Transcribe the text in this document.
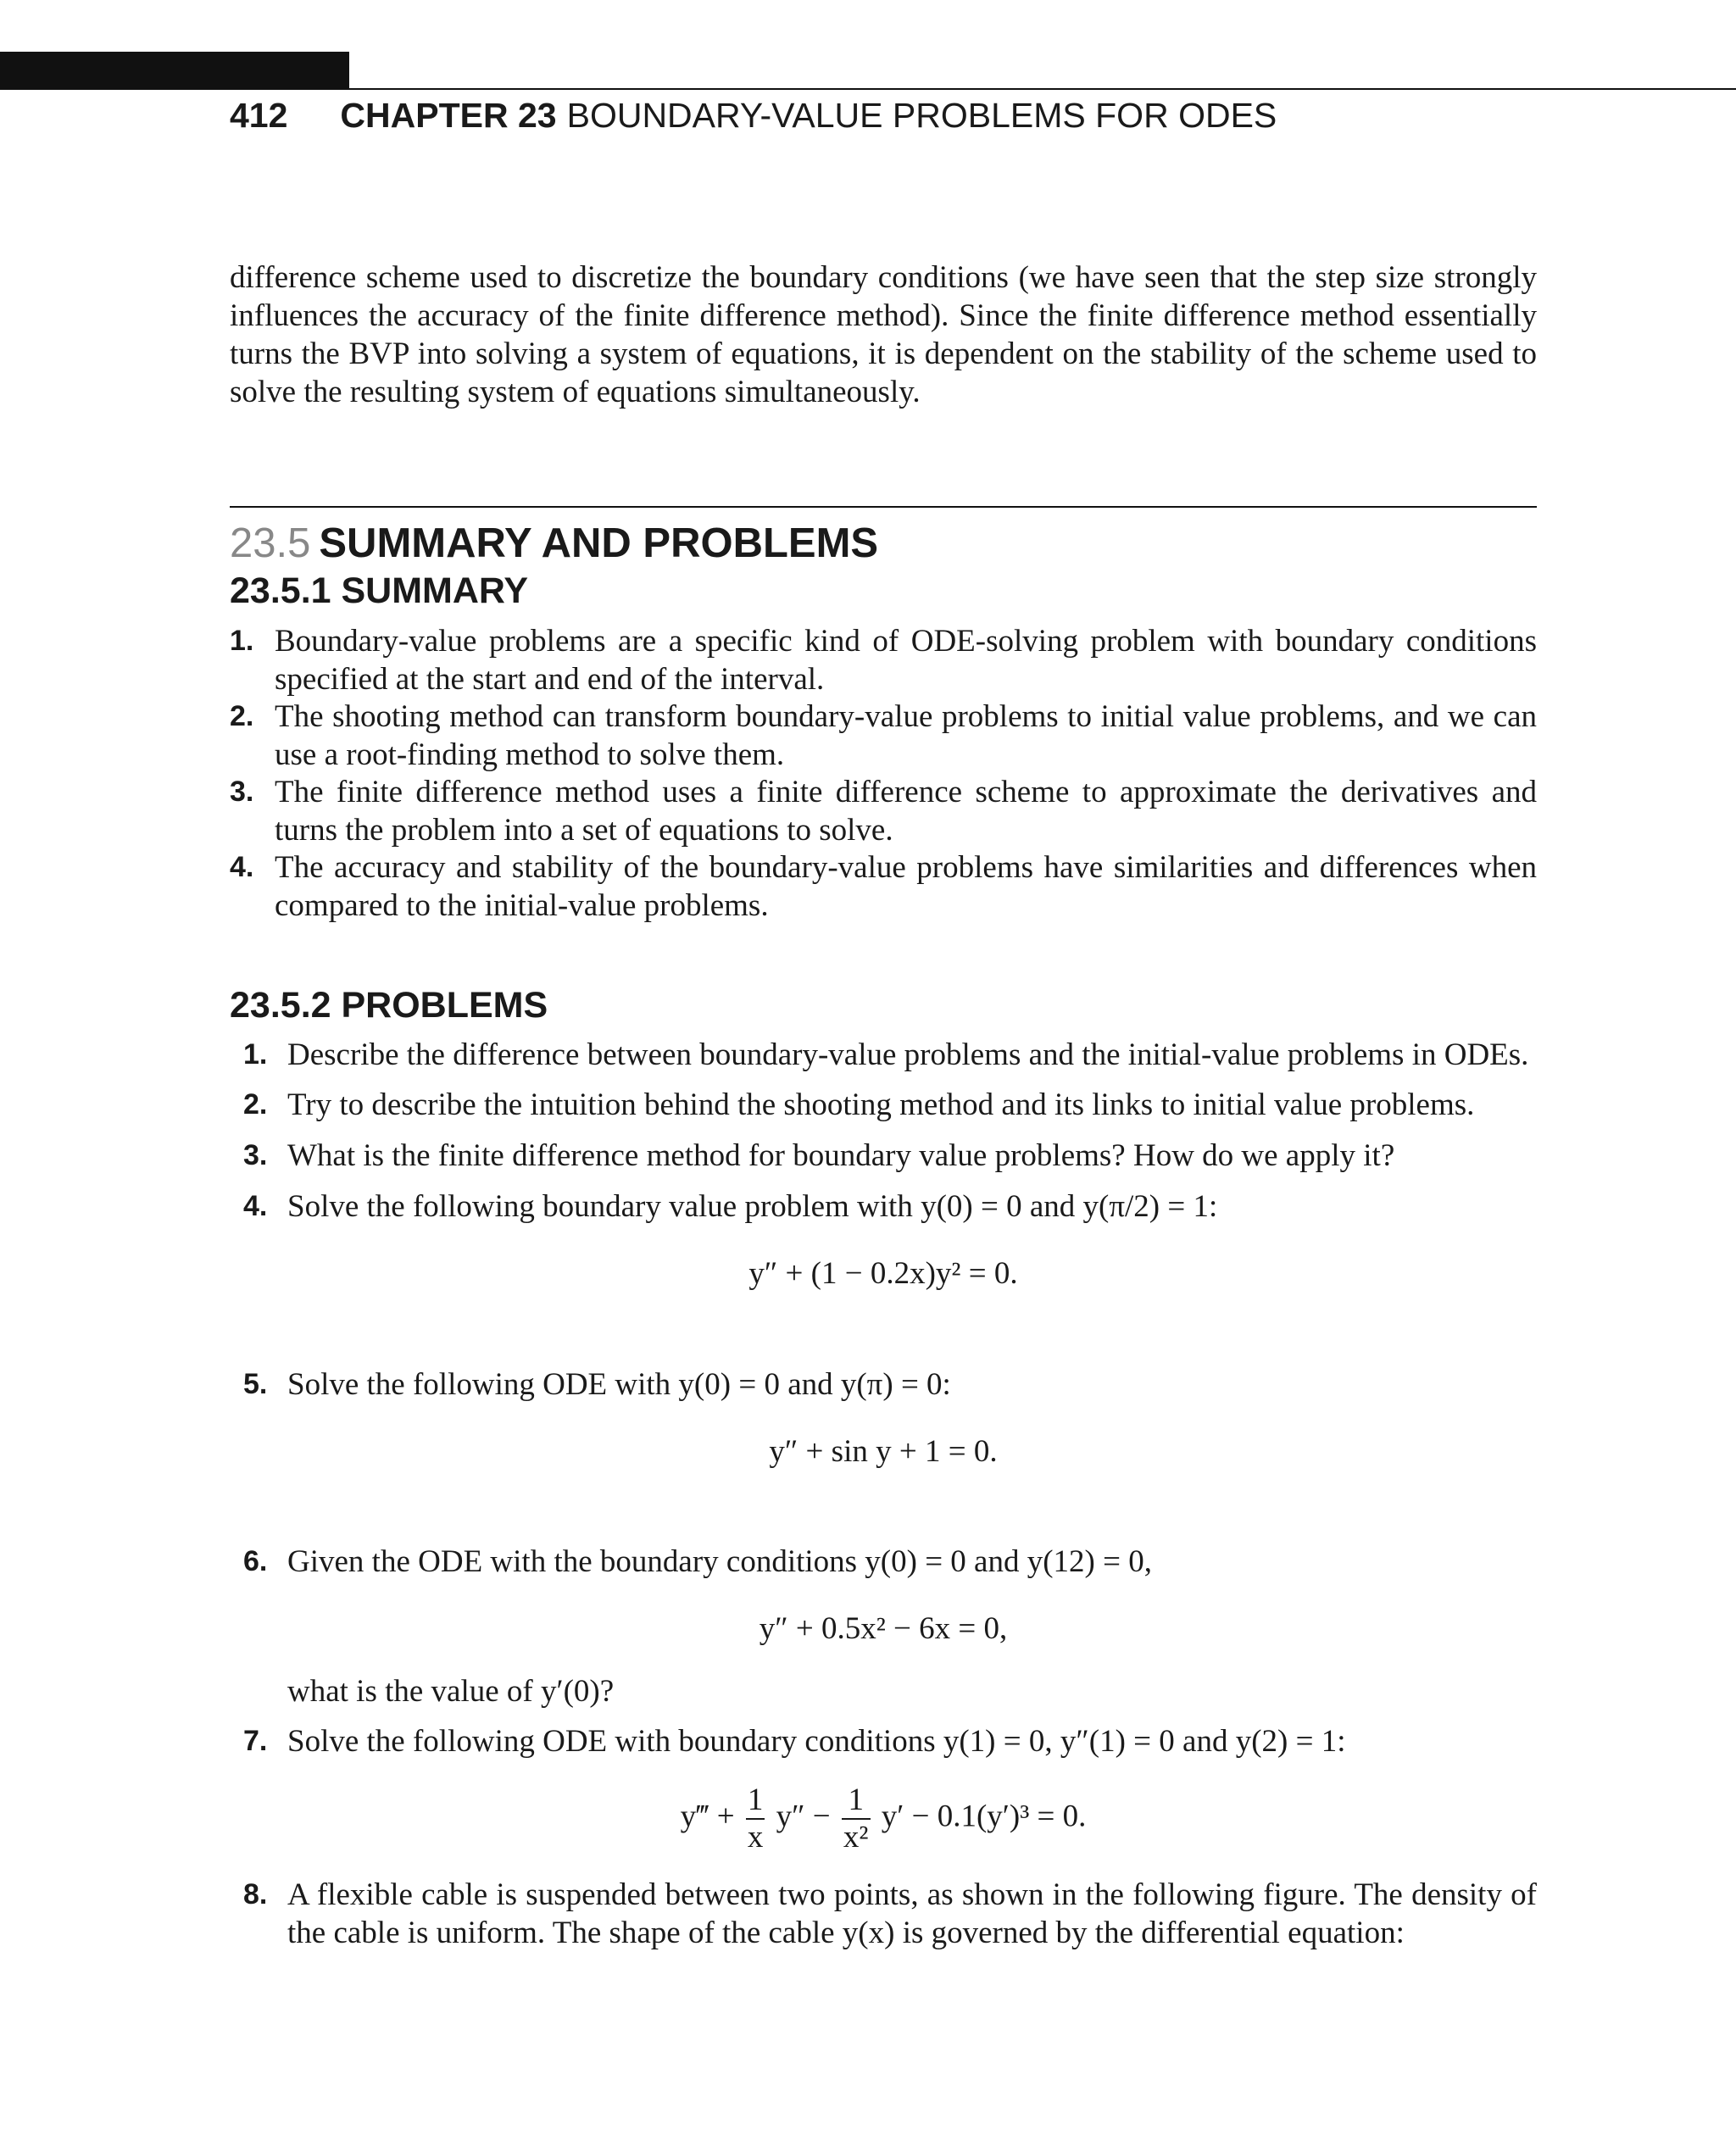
412 CHAPTER 23 BOUNDARY-VALUE PROBLEMS FOR ODES
difference scheme used to discretize the boundary conditions (we have seen that the step size strongly influences the accuracy of the finite difference method). Since the finite difference method essentially turns the BVP into solving a system of equations, it is dependent on the stability of the scheme used to solve the resulting system of equations simultaneously.
23.5 SUMMARY AND PROBLEMS
23.5.1 SUMMARY
1. Boundary-value problems are a specific kind of ODE-solving problem with boundary conditions specified at the start and end of the interval.
2. The shooting method can transform boundary-value problems to initial value problems, and we can use a root-finding method to solve them.
3. The finite difference method uses a finite difference scheme to approximate the derivatives and turns the problem into a set of equations to solve.
4. The accuracy and stability of the boundary-value problems have similarities and differences when compared to the initial-value problems.
23.5.2 PROBLEMS
1. Describe the difference between boundary-value problems and the initial-value problems in ODEs.
2. Try to describe the intuition behind the shooting method and its links to initial value problems.
3. What is the finite difference method for boundary value problems? How do we apply it?
4. Solve the following boundary value problem with y(0) = 0 and y(π/2) = 1:
y″ + (1 − 0.2x)y² = 0.
5. Solve the following ODE with y(0) = 0 and y(π) = 0:
y″ + sin y + 1 = 0.
6. Given the ODE with the boundary conditions y(0) = 0 and y(12) = 0,
y″ + 0.5x² − 6x = 0,
what is the value of y′(0)?
7. Solve the following ODE with boundary conditions y(1) = 0, y″(1) = 0 and y(2) = 1:
y‴ + $\frac{1}{x} y'' - \frac{1}{\text{x²}} y' - 0.1(y')^3 = 0$.
8. A flexible cable is suspended between two points, as shown in the following figure. The density of the cable is uniform. The shape of the cable y(x) is governed by the differential equation:
